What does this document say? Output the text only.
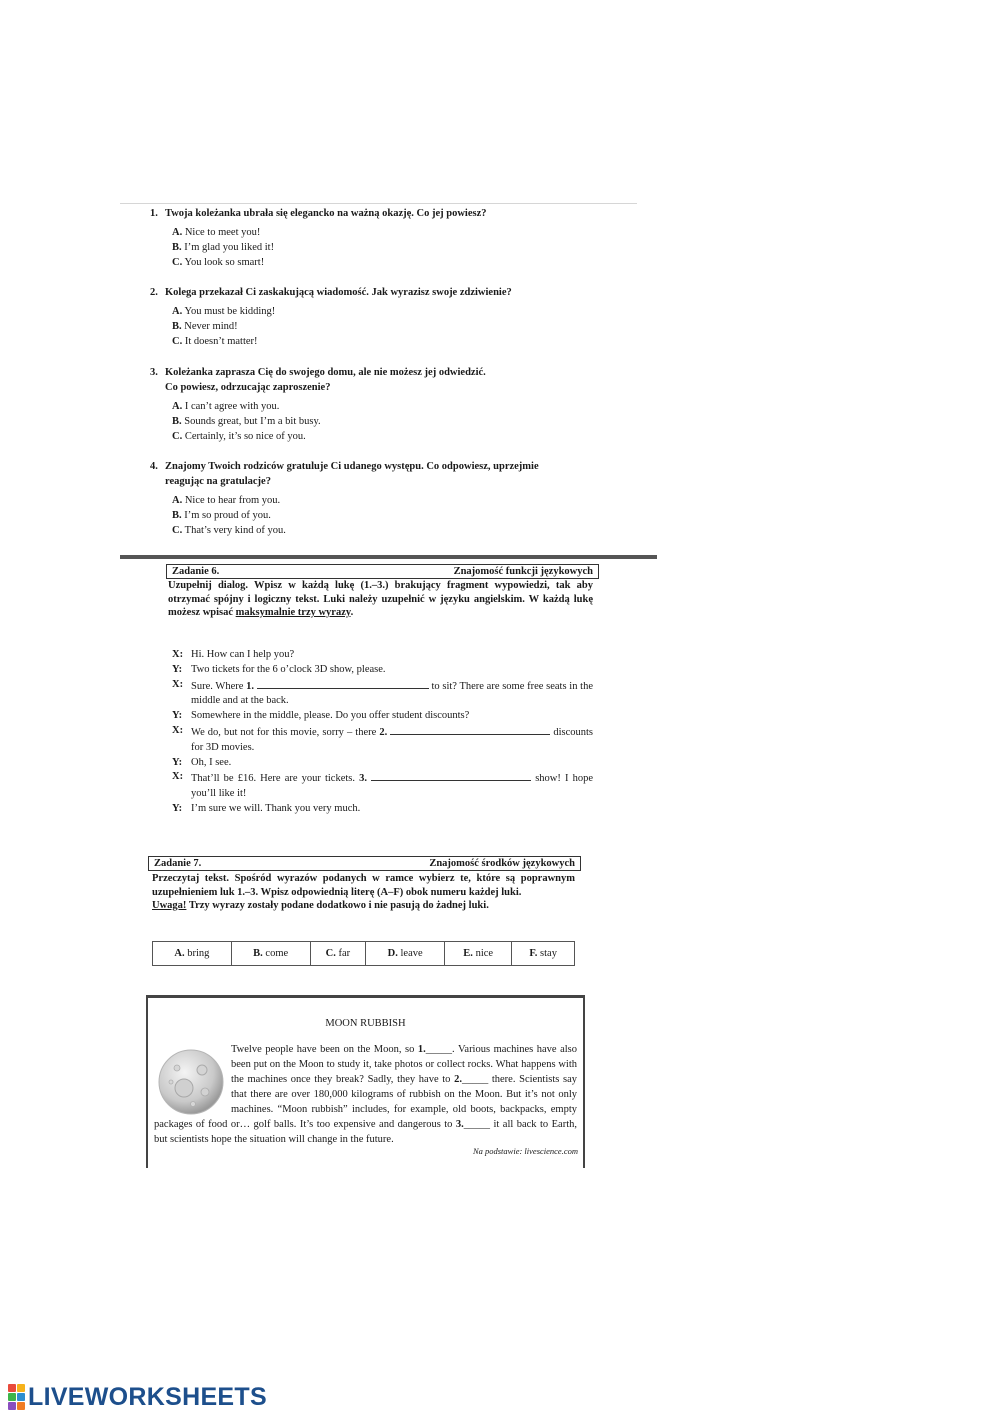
1. Twoja koleżanka ubrała się elegancko na ważną okazję. Co jej powiesz?
A. Nice to meet you!
B. I’m glad you liked it!
C. You look so smart!
2. Kolega przekazał Ci zaskakującą wiadomość. Jak wyrazisz swoje zdziwienie?
A. You must be kidding!
B. Never mind!
C. It doesn’t matter!
3. Koleżanka zaprasza Cię do swojego domu, ale nie możesz jej odwiedzić.
Co powiesz, odrzucając zaproszenie?
A. I can’t agree with you.
B. Sounds great, but I’m a bit busy.
C. Certainly, it’s so nice of you.
4. Znajomy Twoich rodziców gratuluje Ci udanego występu. Co odpowiesz, uprzejmie
reagując na gratulacje?
A. Nice to hear from you.
B. I’m so proud of you.
C. That’s very kind of you.
Zadanie 6.	Znajomość funkcji językowych
Uzupełnij dialog. Wpisz w każdą lukę (1.–3.) brakujący fragment wypowiedzi, tak aby otrzymać spójny i logiczny tekst. Luki należy uzupełnić w języku angielskim. W każdą lukę możesz wpisać maksymalnie trzy wyrazy.
X: Hi. How can I help you?
Y: Two tickets for the 6 o’clock 3D show, please.
X: Sure. Where 1.	to sit? There are some free seats in the middle and at the back.
Y: Somewhere in the middle, please. Do you offer student discounts?
X: We do, but not for this movie, sorry – there 2.	discounts for 3D movies.
Y: Oh, I see.
X: That’ll be £16. Here are your tickets. 3.	show! I hope you’ll like it!
Y: I’m sure we will. Thank you very much.
Zadanie 7.	Znajomość środków językowych
Przeczytaj tekst. Spośród wyrazów podanych w ramce wybierz te, które są poprawnym uzupełnieniem luk 1.–3. Wpisz odpowiednią literę (A–F) obok numeru każdej luki.
Uwaga! Trzy wyrazy zostały podane dodatkowo i nie pasują do żadnej luki.
A. bring	B. come	C. far	D. leave	E. nice	F. stay
MOON RUBBISH
Twelve people have been on the Moon, so 1._____. Various machines have also been put on the Moon to study it, take photos or collect rocks. What happens with the machines once they break? Sadly, they have to 2._____ there. Scientists say that there are over 180,000 kilograms of rubbish on the Moon. But it’s not only machines. “Moon rubbish” includes, for example, old boots, backpacks, empty packages of food or… golf balls. It’s too expensive and dangerous to 3._____ it all back to Earth, but scientists hope the situation will change in the future.
Na podstawie: livescience.com
LIVEWORKSHEETS
